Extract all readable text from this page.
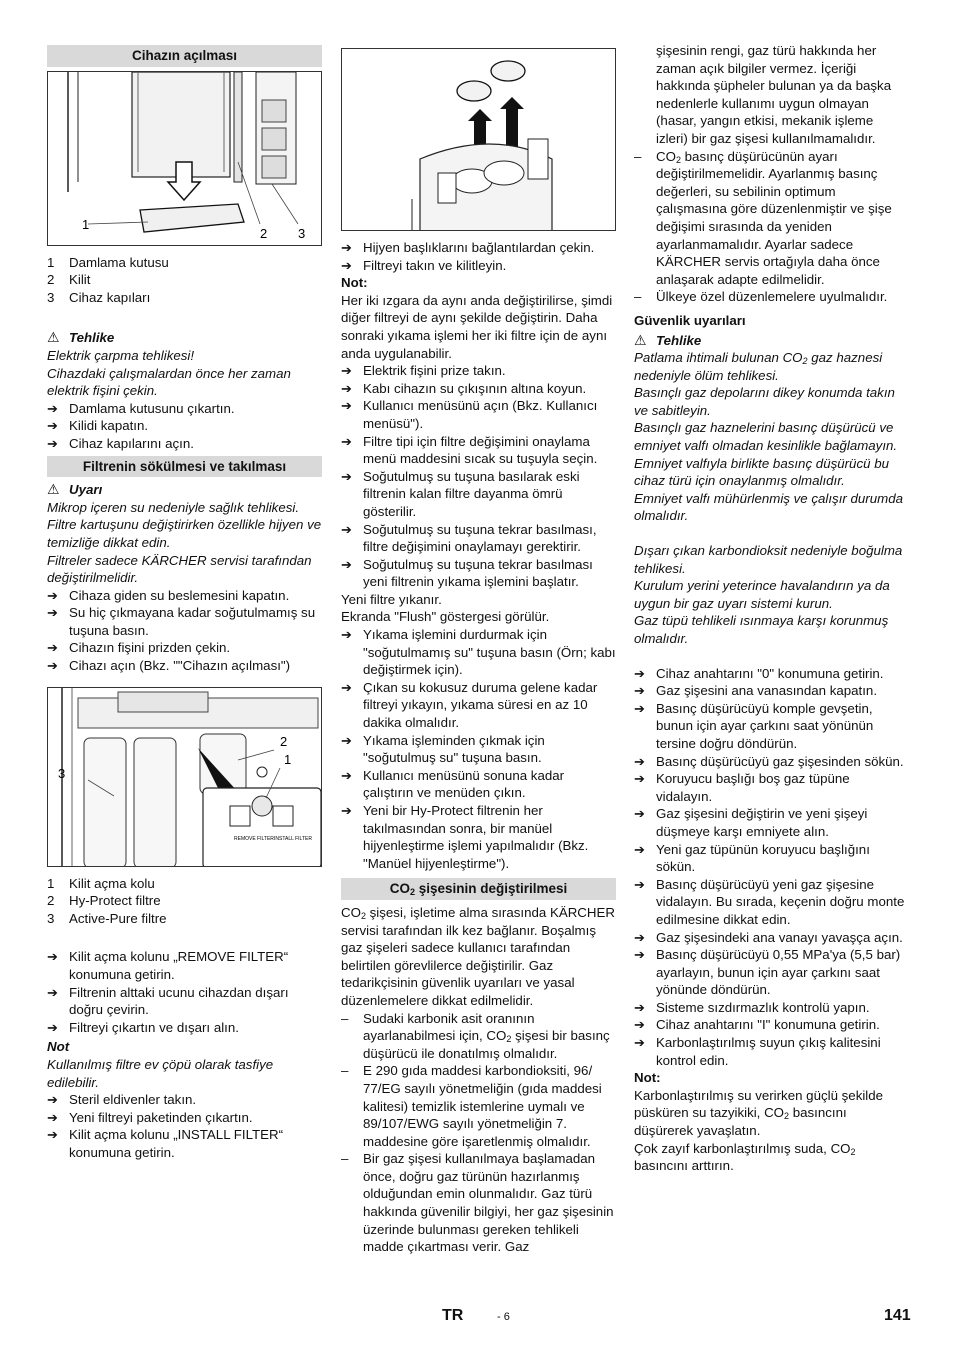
Cihazın açılması
1
2 3
1	Damlama kutusu
2	Kilit
3	Cihaz kapıları
⚠ Tehlike
Elektrik çarpma tehlikesi!
Cihazdaki çalışmalardan önce her zaman elektrik fişini çekin.
➔ Damlama kutusunu çıkartın.
➔ Kilidi kapatın.
➔ Cihaz kapılarını açın.
Filtrenin sökülmesi ve takılması
⚠ Uyarı
Mikrop içeren su nedeniyle sağlık tehlikesi. Filtre kartuşunu değiştirirken özellikle hijyen ve temizliğe dikkat edin.
Filtreler sadece KÄRCHER servisi tarafından değiştirilmelidir.
➔ Cihaza giden su beslemesini kapatın.
➔ Su hiç çıkmayana kadar soğutulmamış su tuşuna basın.
➔ Cihazın fişini prizden çekin.
➔ Cihazı açın (Bkz. ""Cihazın açılması")
REMOVE FILTER INSTALL FILTER
3
2
1
1	Kilit açma kolu
2	Hy-Protect filtre
3	Active-Pure filtre
➔ Kilit açma kolunu „REMOVE FILTER“ konumuna getirin.
➔ Filtrenin alttaki ucunu cihazdan dışarı doğru çevirin.
➔ Filtreyi çıkartın ve dışarı alın.
Not
Kullanılmış filtre ev çöpü olarak tasfiye edilebilir.
➔ Steril eldivenler takın.
➔ Yeni filtreyi paketinden çıkartın.
➔ Kilit açma kolunu „INSTALL FILTER“ konumuna getirin.
➔ Hijyen başlıklarını bağlantılardan çekin.
➔ Filtreyi takın ve kilitleyin.
Not:
Her iki ızgara da aynı anda değiştirilirse, şimdi diğer filtreyi de aynı şekilde değiştirin. Daha sonraki yıkama işlemi her iki filtre için de aynı anda uygulanabilir.
➔ Elektrik fişini prize takın.
➔ Kabı cihazın su çıkışının altına koyun.
➔ Kullanıcı menüsünü açın (Bkz. Kullanıcı menüsü").
➔ Filtre tipi için filtre değişimini onaylama menü maddesini sıcak su tuşuyla seçin.
➔ Soğutulmuş su tuşuna basılarak eski filtrenin kalan filtre dayanma ömrü gösterilir.
➔ Soğutulmuş su tuşuna tekrar basılması, filtre değişimini onaylamayı gerektirir.
➔ Soğutulmuş su tuşuna tekrar basılması yeni filtrenin yıkama işlemini başlatır.
Yeni filtre yıkanır.
Ekranda "Flush" göstergesi görülür.
➔ Yıkama işlemini durdurmak için "soğutulmamış su" tuşuna basın (Örn; kabı değiştirmek için).
➔ Çıkan su kokusuz duruma gelene kadar filtreyi yıkayın, yıkama süresi en az 10 dakika olmalıdır.
➔ Yıkama işleminden çıkmak için "soğutulmuş su" tuşuna basın.
➔ Kullanıcı menüsünü sonuna kadar çalıştırın ve menüden çıkın.
➔ Yeni bir Hy-Protect filtrenin her takılmasından sonra, bir manüel hijyenleştirme işlemi yapılmalıdır (Bkz. "Manüel hijyenleştirme").
$CO_2$ şişesinin değiştirilmesi
$CO_2$ şişesi, işletime alma sırasında KÄRCHER servisi tarafından ilk kez bağlanır. Boşalmış gaz şişeleri sadece kullanıcı tarafından belirtilen görevlilerce değiştirilir. Gaz tedarikçisinin güvenlik uyarıları ve yasal düzenlemelere dikkat edilmelidir.
–	Sudaki karbonik asit oranının ayarlanabilmesi için, $CO_2$ şişesi bir basınç düşürücü ile donatılmış olmalıdır.
–	E 290 gıda maddesi karbondioksiti, 96/ 77/EG sayılı yönetmeliğin (gıda maddesi kalitesi) temizlik istemlerine uymalı ve 89/107/EWG sayılı yönetmeliğin 7. maddesine göre işaretlenmiş olmalıdır.
–	Bir gaz şişesi kullanılmaya başlamadan önce, doğru gaz türünün hazırlanmış olduğundan emin olunmalıdır. Gaz türü hakkında güvenilir bilgiyi, her gaz şişesinin üzerinde bulunması gereken tehlikeli madde çıkartması verir. Gaz
şişesinin rengi, gaz türü hakkında her zaman açık bilgiler vermez. İçeriği hakkında şüpheler bulunan ya da başka nedenlerle kullanımı uygun olmayan (hasar, yangın etkisi, mekanik işleme izleri) bir gaz şişesi kullanılmamalıdır.
–	$CO_2$ basınç düşürücünün ayarı değiştirilmemelidir. Ayarlanmış basınç değerleri, su sebilinin optimum çalışmasına göre düzenlenmiştir ve şişe değişimi sırasında da yeniden ayarlanmamalıdır. Ayarlar sadece KÄRCHER servis ortağıyla daha önce anlaşarak adapte edilmelidir.
–	Ülkeye özel düzenlemelere uyulmalıdır.
Güvenlik uyarıları
⚠ Tehlike
Patlama ihtimali bulunan $CO_2$ gaz haznesi nedeniyle ölüm tehlikesi.
Basınçlı gaz depolarını dikey konumda takın ve sabitleyin.
Basınçlı gaz haznelerini basınç düşürücü ve emniyet valfı olmadan kesinlikle bağlamayın.
Emniyet valfıyla birlikte basınç düşürücü bu cihaz türü için onaylanmış olmalıdır.
Emniyet valfı mühürlenmiş ve çalışır durumda olmalıdır.
Dışarı çıkan karbondioksit nedeniyle boğulma tehlikesi.
Kurulum yerini yeterince havalandırın ya da uygun bir gaz uyarı sistemi kurun.
Gaz tüpü tehlikeli ısınmaya karşı korunmuş olmalıdır.
➔ Cihaz anahtarını "0" konumuna getirin.
➔ Gaz şişesini ana vanasından kapatın.
➔ Basınç düşürücüyü komple gevşetin, bunun için ayar çarkını saat yönünün tersine doğru döndürün.
➔ Basınç düşürücüyü gaz şişesinden sökün.
➔ Koruyucu başlığı boş gaz tüpüne vidalayın.
➔ Gaz şişesini değiştirin ve yeni şişeyi düşmeye karşı emniyete alın.
➔ Yeni gaz tüpünün koruyucu başlığını sökün.
➔ Basınç düşürücüyü yeni gaz şişesine vidalayın. Bu sırada, keçenin doğru monte edilmesine dikkat edin.
➔ Gaz şişesindeki ana vanayı yavaşça açın.
➔ Basınç düşürücüyü 0,55 MPa'ya (5,5 bar) ayarlayın, bunun için ayar çarkını saat yönünde döndürün.
➔ Sisteme sızdırmazlık kontrolü yapın.
➔ Cihaz anahtarını "I" konumuna getirin.
➔ Karbonlaştırılmış suyun çıkış kalitesini kontrol edin.
Not:
Karbonlaştırılmış su verirken güçlü şekilde püsküren su tazyikiki, $CO_2$ basıncını düşürerek yavaşlatın.
Çok zayıf karbonlaştırılmış suda, $CO_2$ basıncını arttırın.
TR	- 6	141
